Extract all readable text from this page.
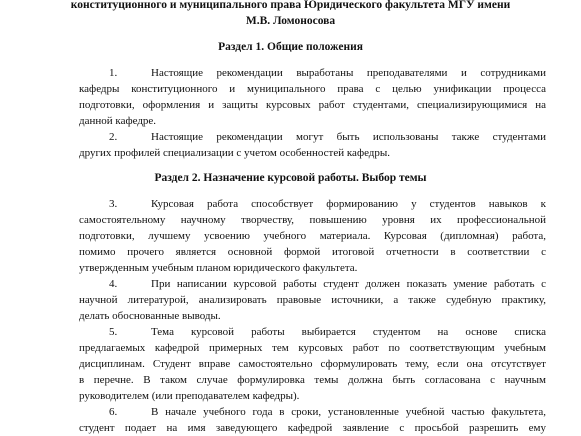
конституционного и муниципального права Юридического факультета МГУ имени
М.В. Ломоносова
Раздел 1. Общие положения
1.	Настоящие рекомендации выработаны преподавателями и сотрудниками
кафедры конституционного и муниципального права с целью унификации процесса
подготовки, оформления и защиты курсовых работ студентами, специализирующимися на
данной кафедре.
2.	Настоящие рекомендации могут быть использованы также студентами
других профилей специализации с учетом особенностей кафедры.
Раздел 2. Назначение курсовой работы. Выбор темы
3.	Курсовая работа способствует формированию у студентов навыков к
самостоятельному научному творчеству, повышению уровня их профессиональной
подготовки, лучшему усвоению учебного материала. Курсовая (дипломная) работа,
помимо прочего является основной формой итоговой отчетности в соответствии с
утвержденным учебным планом юридического факультета.
4.	При написании курсовой работы студент должен показать умение работать с
научной литературой, анализировать правовые источники, а также судебную практику,
делать обоснованные выводы.
5.	Тема курсовой работы выбирается студентом на основе списка
предлагаемых кафедрой примерных тем курсовых работ по соответствующим учебным
дисциплинам. Студент вправе самостоятельно сформулировать тему, если она отсутствует
в перечне. В таком случае формулировка темы должна быть согласована с научным
руководителем (или преподавателем кафедры).
6.	В начале учебного года в сроки, установленные учебной частью факультета,
студент подает на имя заведующего кафедрой заявление с просьбой разрешить ему
